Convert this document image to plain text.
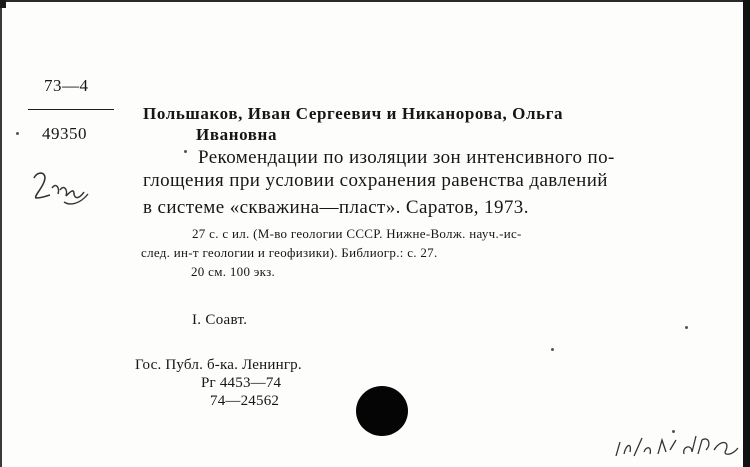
73—4
49350
Польшаков, Иван Сергеевич и Никанорова, Ольга
Ивановна
Рекомендации по изоляции зон интенсивного по-
глощения при условии сохранения равенства давлений
в системе «скважина—пласт». Саратов, 1973.
27 с. с ил. (М-во геологии СССР. Нижне-Волж. науч.-ис-
след. ин-т геологии и геофизики). Библиогр.: с. 27.
20 см. 100 экз.
I. Соавт.
Гос. Публ. б-ка. Ленингр.
Рг 4453—74
74—24562
